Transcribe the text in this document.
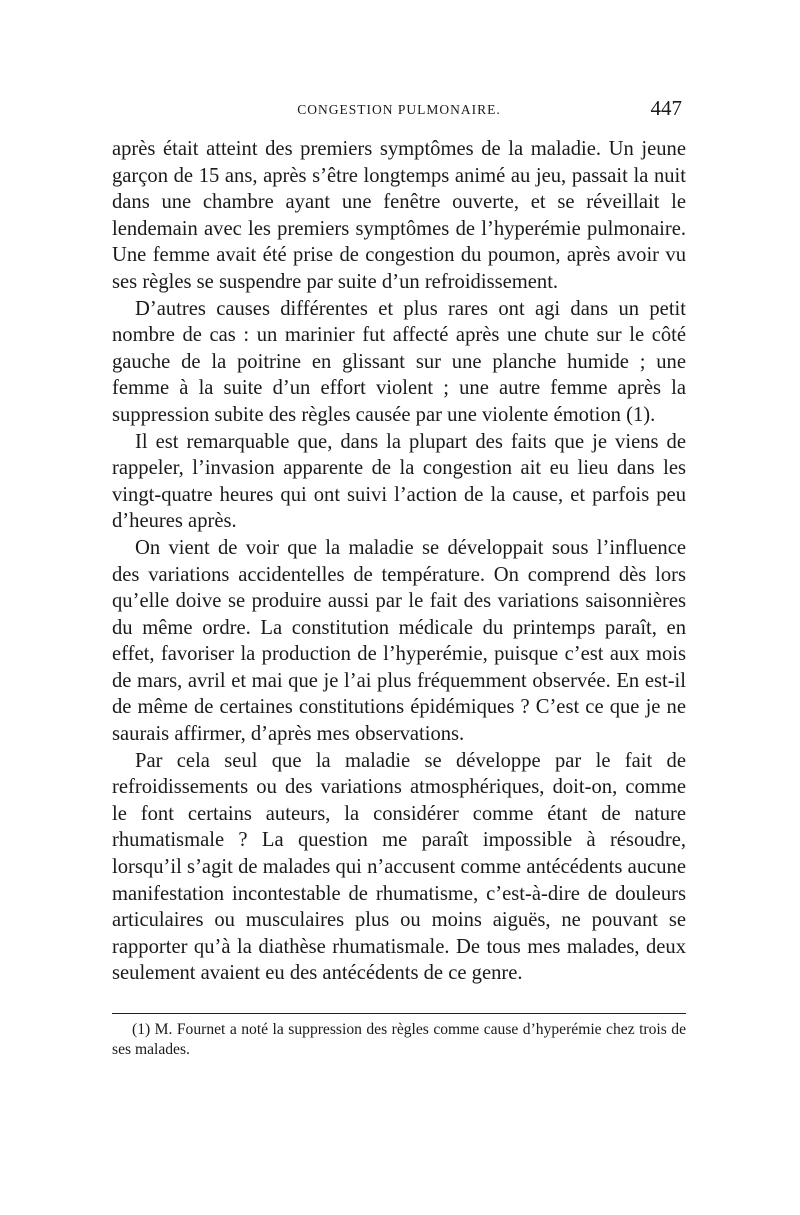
CONGESTION PULMONAIRE.	447

après était atteint des premiers symptômes de la maladie. Un jeune garçon de 15 ans, après s’être longtemps animé au jeu, passait la nuit dans une chambre ayant une fenêtre ouverte, et se réveillait le lendemain avec les premiers symptômes de l’hyperémie pulmonaire. Une femme avait été prise de congestion du poumon, après avoir vu ses règles se suspendre par suite d’un refroidissement.

D’autres causes différentes et plus rares ont agi dans un petit nombre de cas : un marinier fut affecté après une chute sur le côté gauche de la poitrine en glissant sur une planche humide ; une femme à la suite d’un effort violent ; une autre femme après la suppression subite des règles causée par une violente émotion (1).

Il est remarquable que, dans la plupart des faits que je viens de rappeler, l’invasion apparente de la congestion ait eu lieu dans les vingt-quatre heures qui ont suivi l’action de la cause, et parfois peu d’heures après.

On vient de voir que la maladie se développait sous l’influence des variations accidentelles de température. On comprend dès lors qu’elle doive se produire aussi par le fait des variations saisonnières du même ordre. La constitution médicale du printemps paraît, en effet, favoriser la production de l’hyperémie, puisque c’est aux mois de mars, avril et mai que je l’ai plus fréquemment observée. En est-il de même de certaines constitutions épidémiques ? C’est ce que je ne saurais affirmer, d’après mes observations.

Par cela seul que la maladie se développe par le fait de refroidissements ou des variations atmosphériques, doit-on, comme le font certains auteurs, la considérer comme étant de nature rhumatismale ? La question me paraît impossible à résoudre, lorsqu’il s’agit de malades qui n’accusent comme antécédents aucune manifestation incontestable de rhumatisme, c’est-à-dire de douleurs articulaires ou musculaires plus ou moins aiguës, ne pouvant se rapporter qu’à la diathèse rhumatismale. De tous mes malades, deux seulement avaient eu des antécédents de ce genre.

(1) M. Fournet a noté la suppression des règles comme cause d’hyperémie chez trois de ses malades.
